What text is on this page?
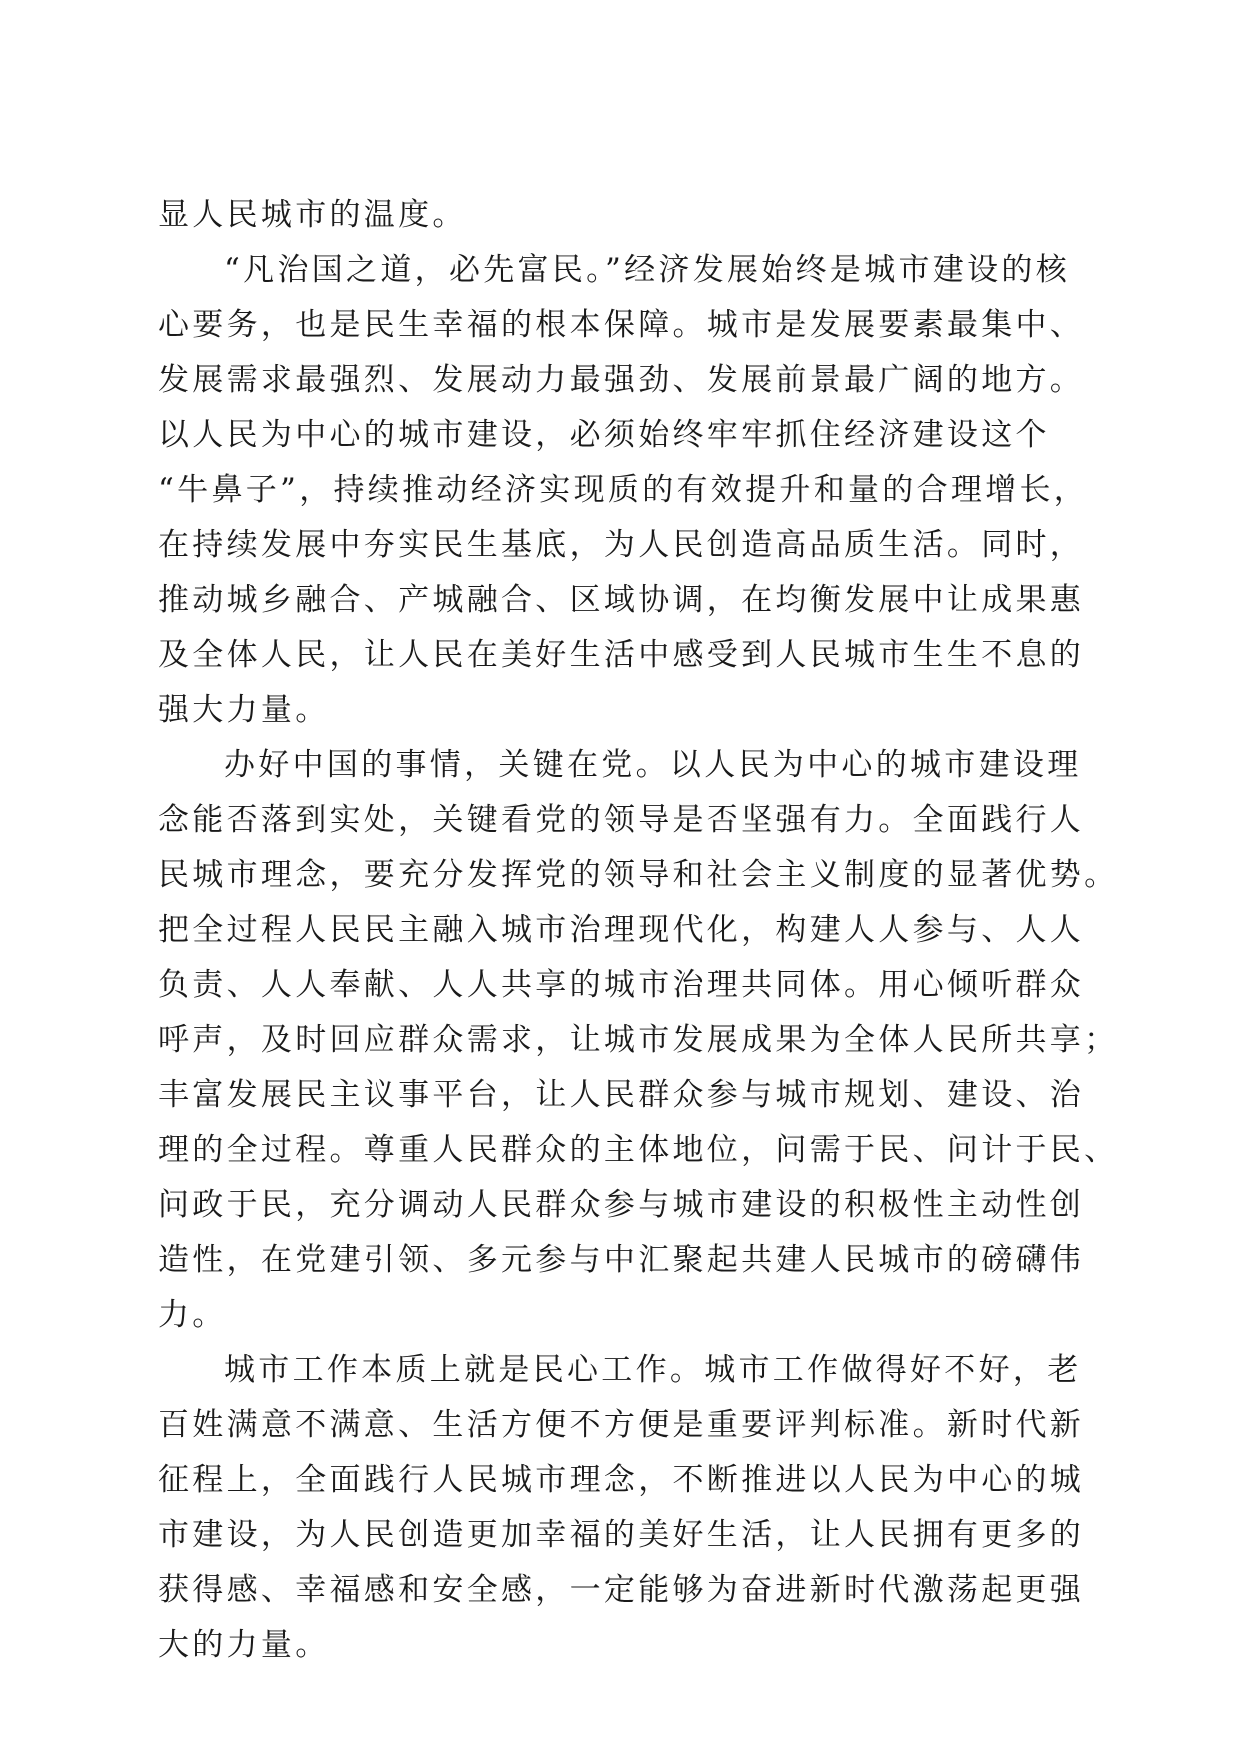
显人民城市的温度。
“凡治国之道，必先富民。”经济发展始终是城市建设的核
心要务，也是民生幸福的根本保障。城市是发展要素最集中、
发展需求最强烈、发展动力最强劲、发展前景最广阔的地方。
以人民为中心的城市建设，必须始终牢牢抓住经济建设这个
“牛鼻子”，持续推动经济实现质的有效提升和量的合理增长，
在持续发展中夯实民生基底，为人民创造高品质生活。同时，
推动城乡融合、产城融合、区域协调，在均衡发展中让成果惠
及全体人民，让人民在美好生活中感受到人民城市生生不息的
强大力量。
办好中国的事情，关键在党。以人民为中心的城市建设理
念能否落到实处，关键看党的领导是否坚强有力。全面践行人
民城市理念，要充分发挥党的领导和社会主义制度的显著优势。
把全过程人民民主融入城市治理现代化，构建人人参与、人人
负责、人人奉献、人人共享的城市治理共同体。用心倾听群众
呼声，及时回应群众需求，让城市发展成果为全体人民所共享；
丰富发展民主议事平台，让人民群众参与城市规划、建设、治
理的全过程。尊重人民群众的主体地位，问需于民、问计于民、
问政于民，充分调动人民群众参与城市建设的积极性主动性创
造性，在党建引领、多元参与中汇聚起共建人民城市的磅礴伟
力。
城市工作本质上就是民心工作。城市工作做得好不好，老
百姓满意不满意、生活方便不方便是重要评判标准。新时代新
征程上，全面践行人民城市理念，不断推进以人民为中心的城
市建设，为人民创造更加幸福的美好生活，让人民拥有更多的
获得感、幸福感和安全感，一定能够为奋进新时代激荡起更强
大的力量。
